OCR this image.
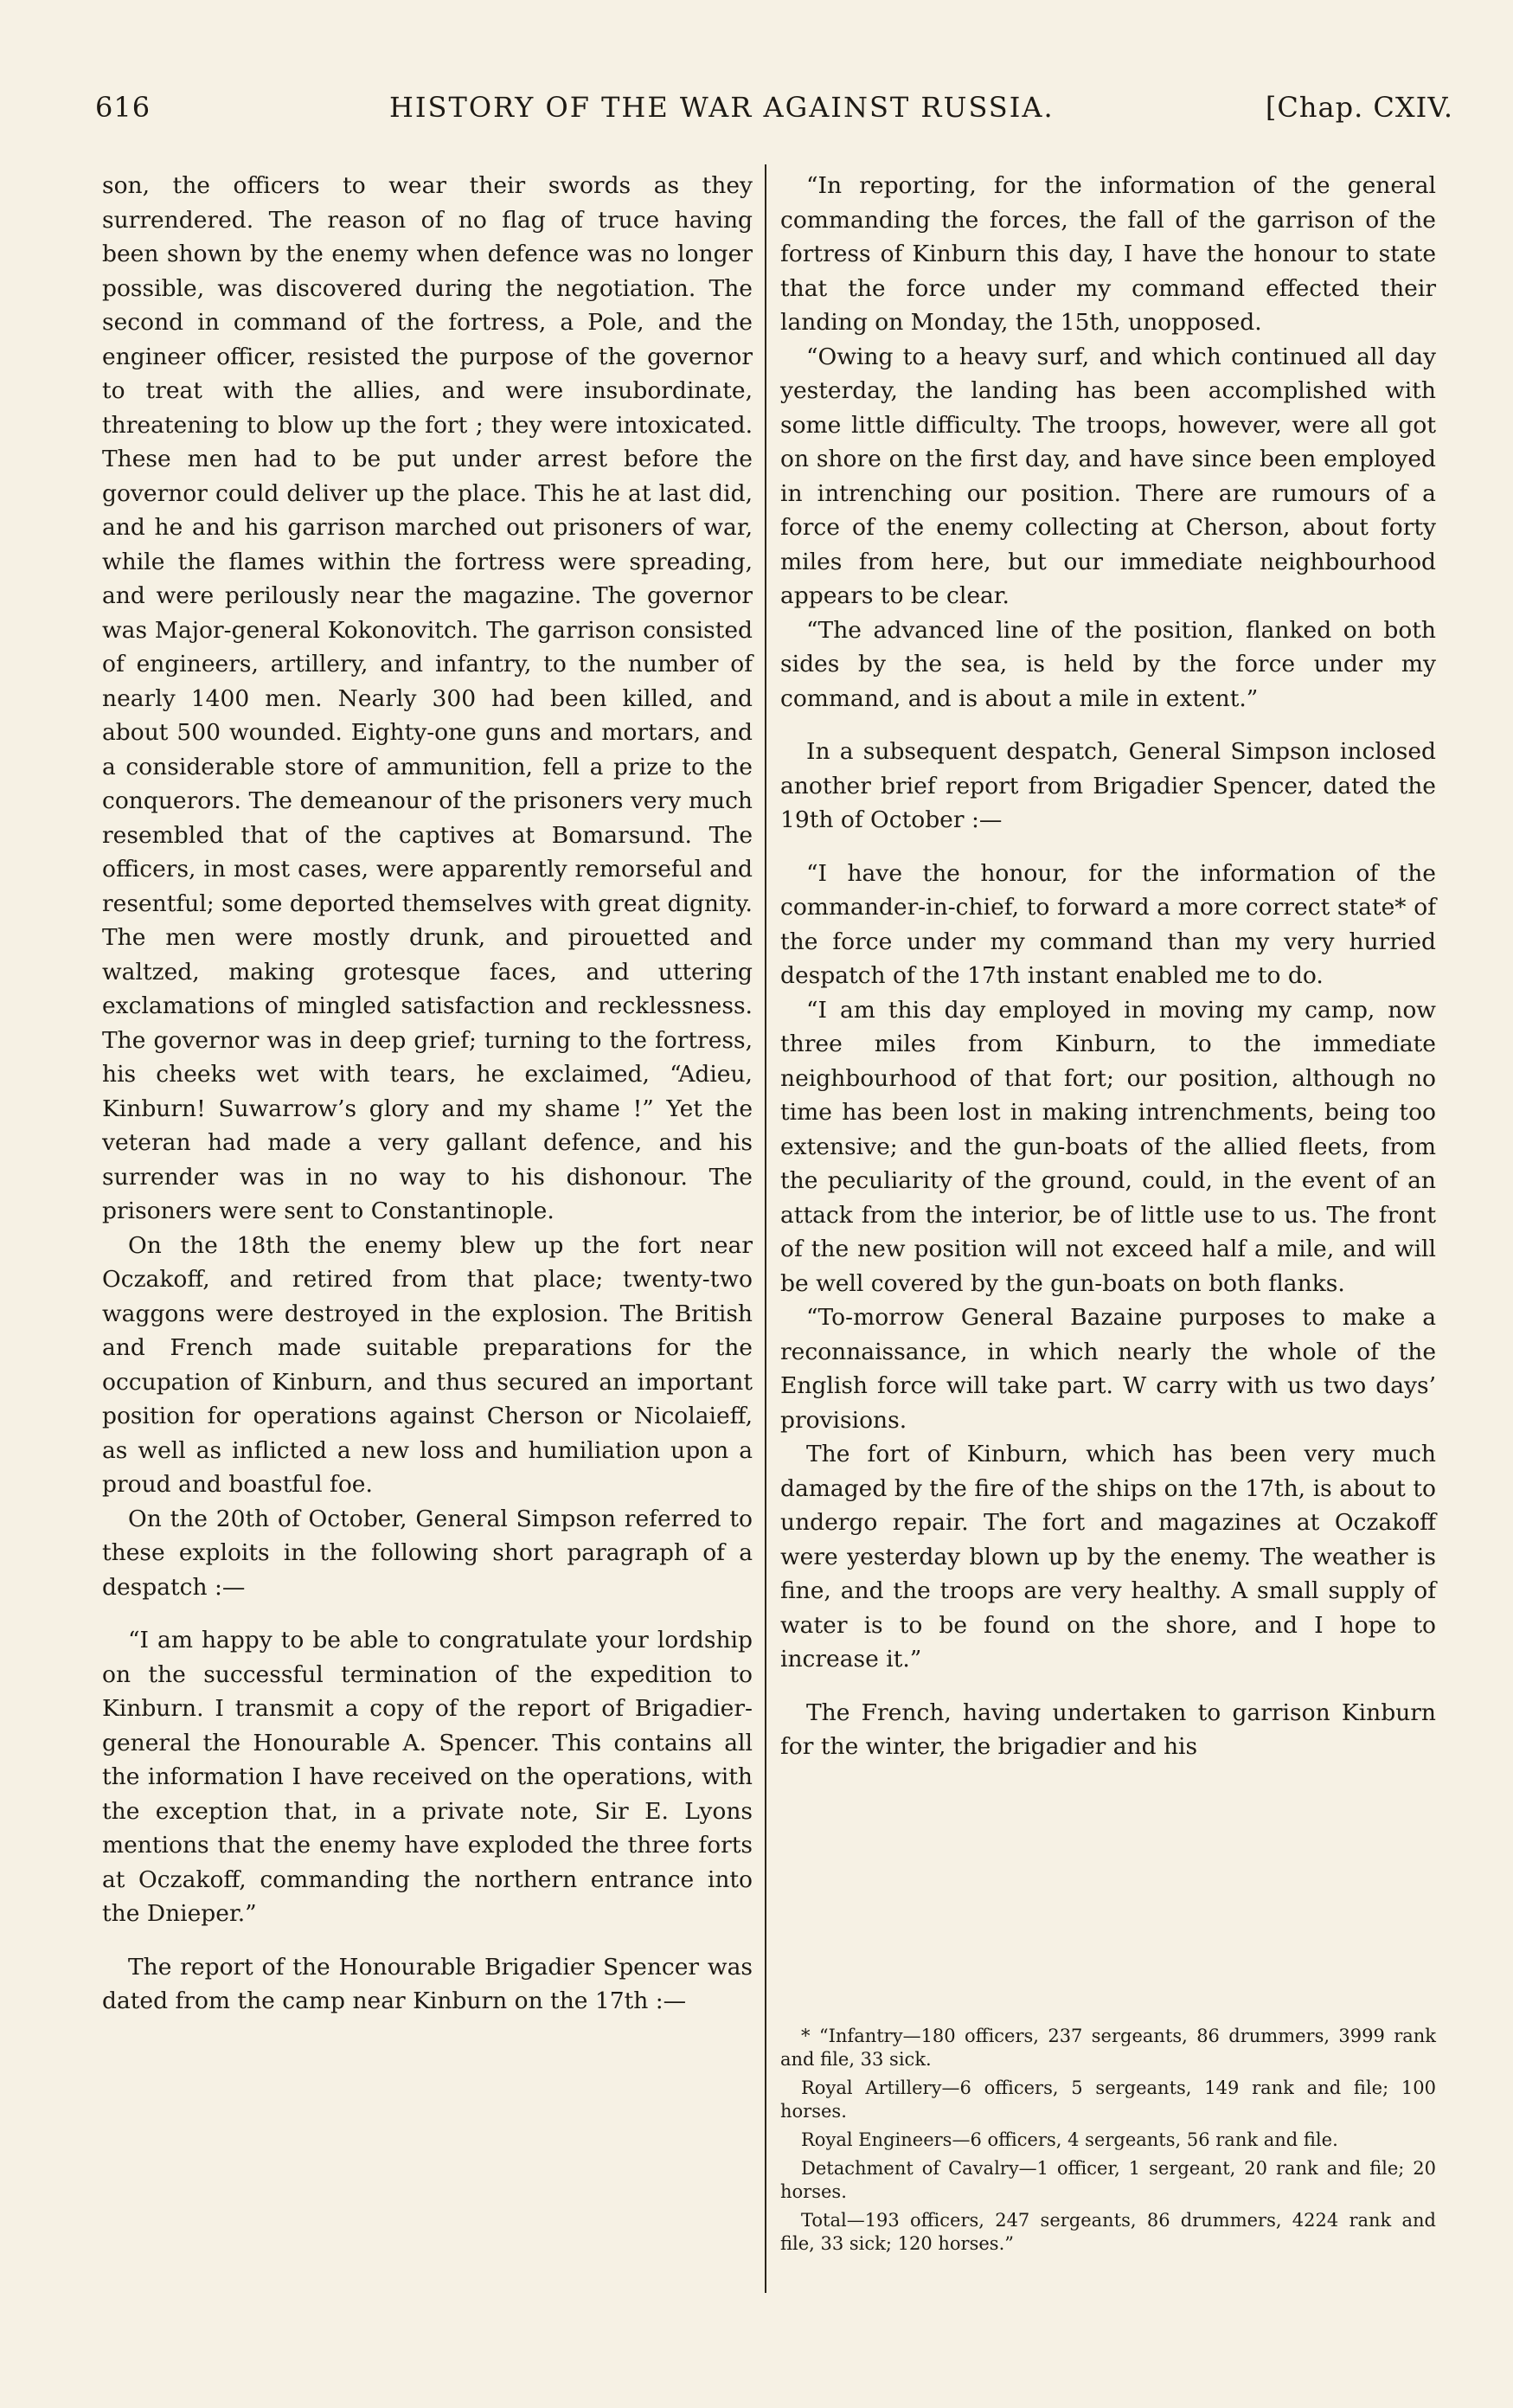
616	HISTORY OF THE WAR AGAINST RUSSIA.	[Chap. CXIV.

son, the officers to wear their swords as they surrendered. The reason of no flag of truce having been shown by the enemy when defence was no longer possible, was discovered during the negotiation. The second in command of the fortress, a Pole, and the engineer officer, resisted the purpose of the governor to treat with the allies, and were insubordinate, threatening to blow up the fort ; they were intoxicated. These men had to be put under arrest before the governor could deliver up the place. This he at last did, and he and his garrison marched out prisoners of war, while the flames within the fortress were spreading, and were perilously near the magazine. The governor was Major-general Kokonovitch. The garrison consisted of engineers, artillery, and infantry, to the number of nearly 1400 men. Nearly 300 had been killed, and about 500 wounded. Eighty-one guns and mortars, and a considerable store of ammunition, fell a prize to the conquerors. The demeanour of the prisoners very much resembled that of the captives at Bomarsund. The officers, in most cases, were apparently remorseful and resentful; some deported themselves with great dignity. The men were mostly drunk, and pirouetted and waltzed, making grotesque faces, and uttering exclamations of mingled satisfaction and recklessness. The governor was in deep grief; turning to the fortress, his cheeks wet with tears, he exclaimed, “Adieu, Kinburn! Suwarrow’s glory and my shame !” Yet the veteran had made a very gallant defence, and his surrender was in no way to his dishonour. The prisoners were sent to Constantinople.

On the 18th the enemy blew up the fort near Oczakoff, and retired from that place; twenty-two waggons were destroyed in the explosion. The British and French made suitable preparations for the occupation of Kinburn, and thus secured an important position for operations against Cherson or Nicolaieff, as well as inflicted a new loss and humiliation upon a proud and boastful foe.

On the 20th of October, General Simpson referred to these exploits in the following short paragraph of a despatch :—

“I am happy to be able to congratulate your lordship on the successful termination of the expedition to Kinburn. I transmit a copy of the report of Brigadier-general the Honourable A. Spencer. This contains all the information I have received on the operations, with the exception that, in a private note, Sir E. Lyons mentions that the enemy have exploded the three forts at Oczakoff, commanding the northern entrance into the Dnieper.”

The report of the Honourable Brigadier Spencer was dated from the camp near Kinburn on the 17th :—

“In reporting, for the information of the general commanding the forces, the fall of the garrison of the fortress of Kinburn this day, I have the honour to state that the force under my command effected their landing on Monday, the 15th, unopposed.

“Owing to a heavy surf, and which continued all day yesterday, the landing has been accomplished with some little difficulty. The troops, however, were all got on shore on the first day, and have since been employed in intrenching our position. There are rumours of a force of the enemy collecting at Cherson, about forty miles from here, but our immediate neighbourhood appears to be clear.

“The advanced line of the position, flanked on both sides by the sea, is held by the force under my command, and is about a mile in extent.”

In a subsequent despatch, General Simpson inclosed another brief report from Brigadier Spencer, dated the 19th of October :—

“I have the honour, for the information of the commander-in-chief, to forward a more correct state* of the force under my command than my very hurried despatch of the 17th instant enabled me to do.

“I am this day employed in moving my camp, now three miles from Kinburn, to the immediate neighbourhood of that fort; our position, although no time has been lost in making intrenchments, being too extensive; and the gun-boats of the allied fleets, from the peculiarity of the ground, could, in the event of an attack from the interior, be of little use to us. The front of the new position will not exceed half a mile, and will be well covered by the gun-boats on both flanks.

“To-morrow General Bazaine purposes to make a reconnaissance, in which nearly the whole of the English force will take part. W carry with us two days’ provisions.

The fort of Kinburn, which has been very much damaged by the fire of the ships on the 17th, is about to undergo repair. The fort and magazines at Oczakoff were yesterday blown up by the enemy. The weather is fine, and the troops are very healthy. A small supply of water is to be found on the shore, and I hope to increase it.”

The French, having undertaken to garrison Kinburn for the winter, the brigadier and his

* “Infantry—180 officers, 237 sergeants, 86 drummers, 3999 rank and file, 33 sick.

Royal Artillery—6 officers, 5 sergeants, 149 rank and file; 100 horses.

Royal Engineers—6 officers, 4 sergeants, 56 rank and file.

Detachment of Cavalry—1 officer, 1 sergeant, 20 rank and file; 20 horses.

Total—193 officers, 247 sergeants, 86 drummers, 4224 rank and file, 33 sick; 120 horses.”
